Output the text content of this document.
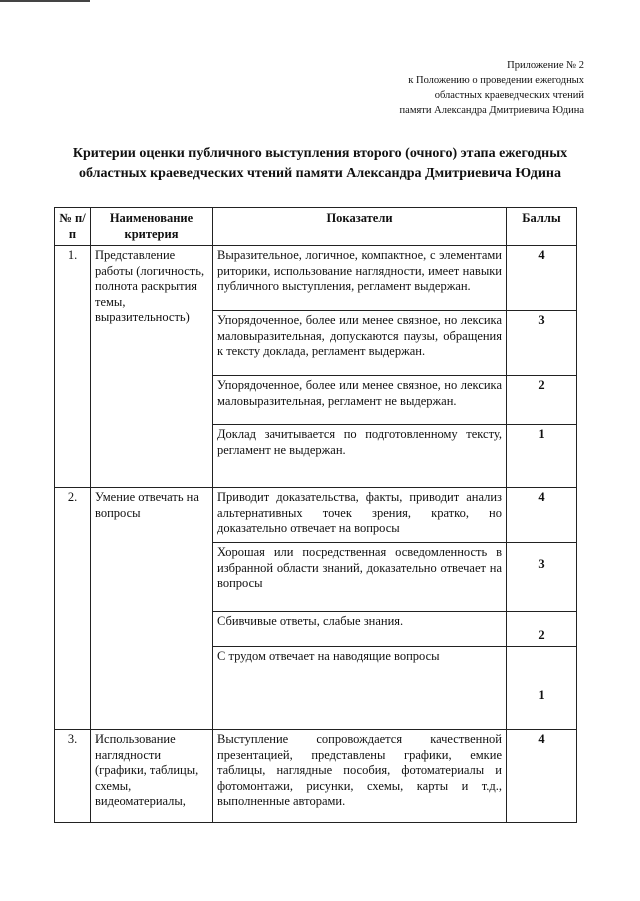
Приложение № 2
к Положению о проведении ежегодных
областных краеведческих чтений
памяти Александра Дмитриевича Юдина
Критерии оценки публичного выступления второго (очного) этапа ежегодных
областных краеведческих чтений памяти Александра Дмитриевича Юдина
№ п/п	Наименование критерия	Показатели	Баллы
1.	Представление работы (логичность, полнота раскрытия темы, выразительность)	Выразительное, логичное, компактное, с элементами риторики, использование наглядности, имеет навыки публичного выступления, регламент выдержан.	4
		Упорядоченное, более или менее связное, но лексика маловыразительная, допускаются паузы, обращения к тексту доклада, регламент выдержан.	3
		Упорядоченное, более или менее связное, но лексика маловыразительная, регламент не выдержан.	2
		Доклад зачитывается по подготовленному тексту, регламент не выдержан.	1
2.	Умение отвечать на вопросы	Приводит доказательства, факты, приводит анализ альтернативных точек зрения, кратко, но доказательно отвечает на вопросы	4
		Хорошая или посредственная осведомленность в избранной области знаний, доказательно отвечает на вопросы	3
		Сбивчивые ответы, слабые знания.	2
		С трудом отвечает на наводящие вопросы	1
3.	Использование наглядности (графики, таблицы, схемы, видеоматериалы,	Выступление сопровождается качественной презентацией, представлены графики, емкие таблицы, наглядные пособия, фотоматериалы и фотомонтажи, рисунки, схемы, карты и т.д., выполненные авторами.	4
